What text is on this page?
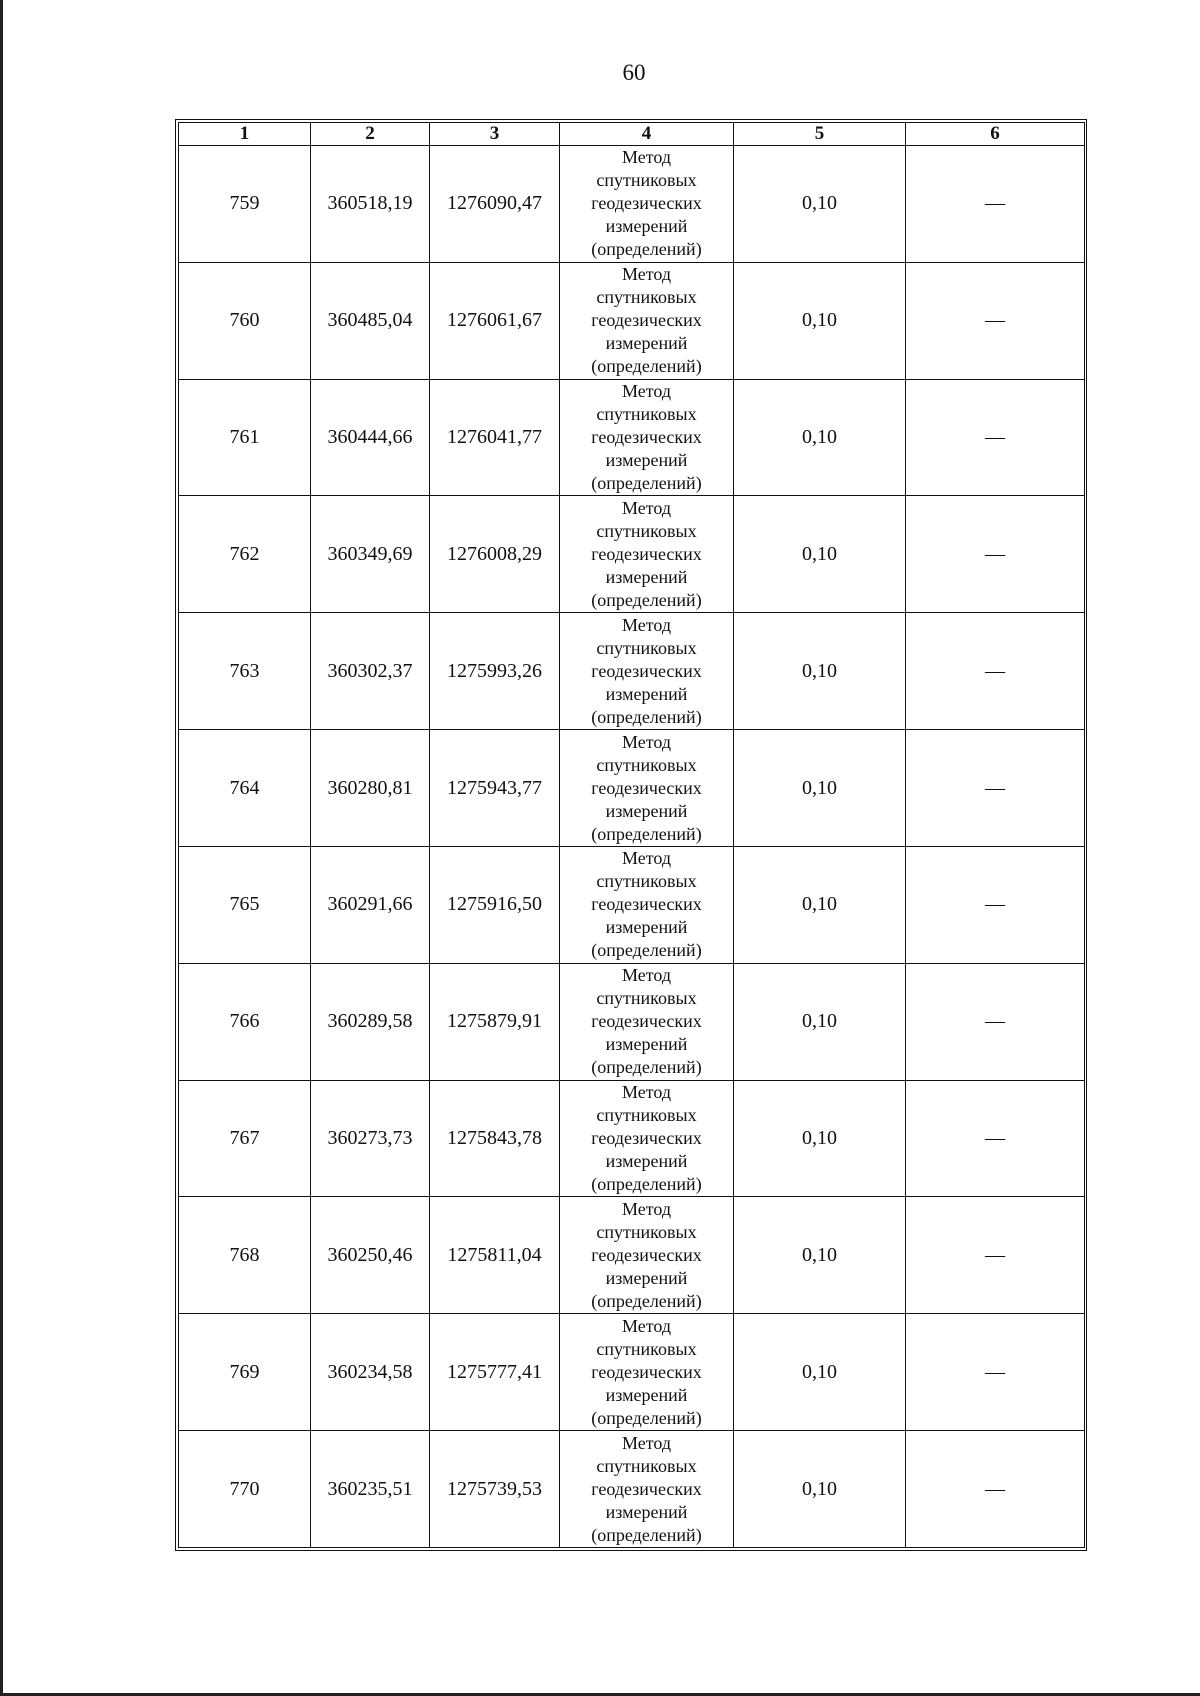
60
1	2	3	4	5	6
759	360518,19	1276090,47	Метод
спутниковых
геодезических
измерений
(определений)	0,10	—
760	360485,04	1276061,67	Метод
спутниковых
геодезических
измерений
(определений)	0,10	—
761	360444,66	1276041,77	Метод
спутниковых
геодезических
измерений
(определений)	0,10	—
762	360349,69	1276008,29	Метод
спутниковых
геодезических
измерений
(определений)	0,10	—
763	360302,37	1275993,26	Метод
спутниковых
геодезических
измерений
(определений)	0,10	—
764	360280,81	1275943,77	Метод
спутниковых
геодезических
измерений
(определений)	0,10	—
765	360291,66	1275916,50	Метод
спутниковых
геодезических
измерений
(определений)	0,10	—
766	360289,58	1275879,91	Метод
спутниковых
геодезических
измерений
(определений)	0,10	—
767	360273,73	1275843,78	Метод
спутниковых
геодезических
измерений
(определений)	0,10	—
768	360250,46	1275811,04	Метод
спутниковых
геодезических
измерений
(определений)	0,10	—
769	360234,58	1275777,41	Метод
спутниковых
геодезических
измерений
(определений)	0,10	—
770	360235,51	1275739,53	Метод
спутниковых
геодезических
измерений
(определений)	0,10	—
